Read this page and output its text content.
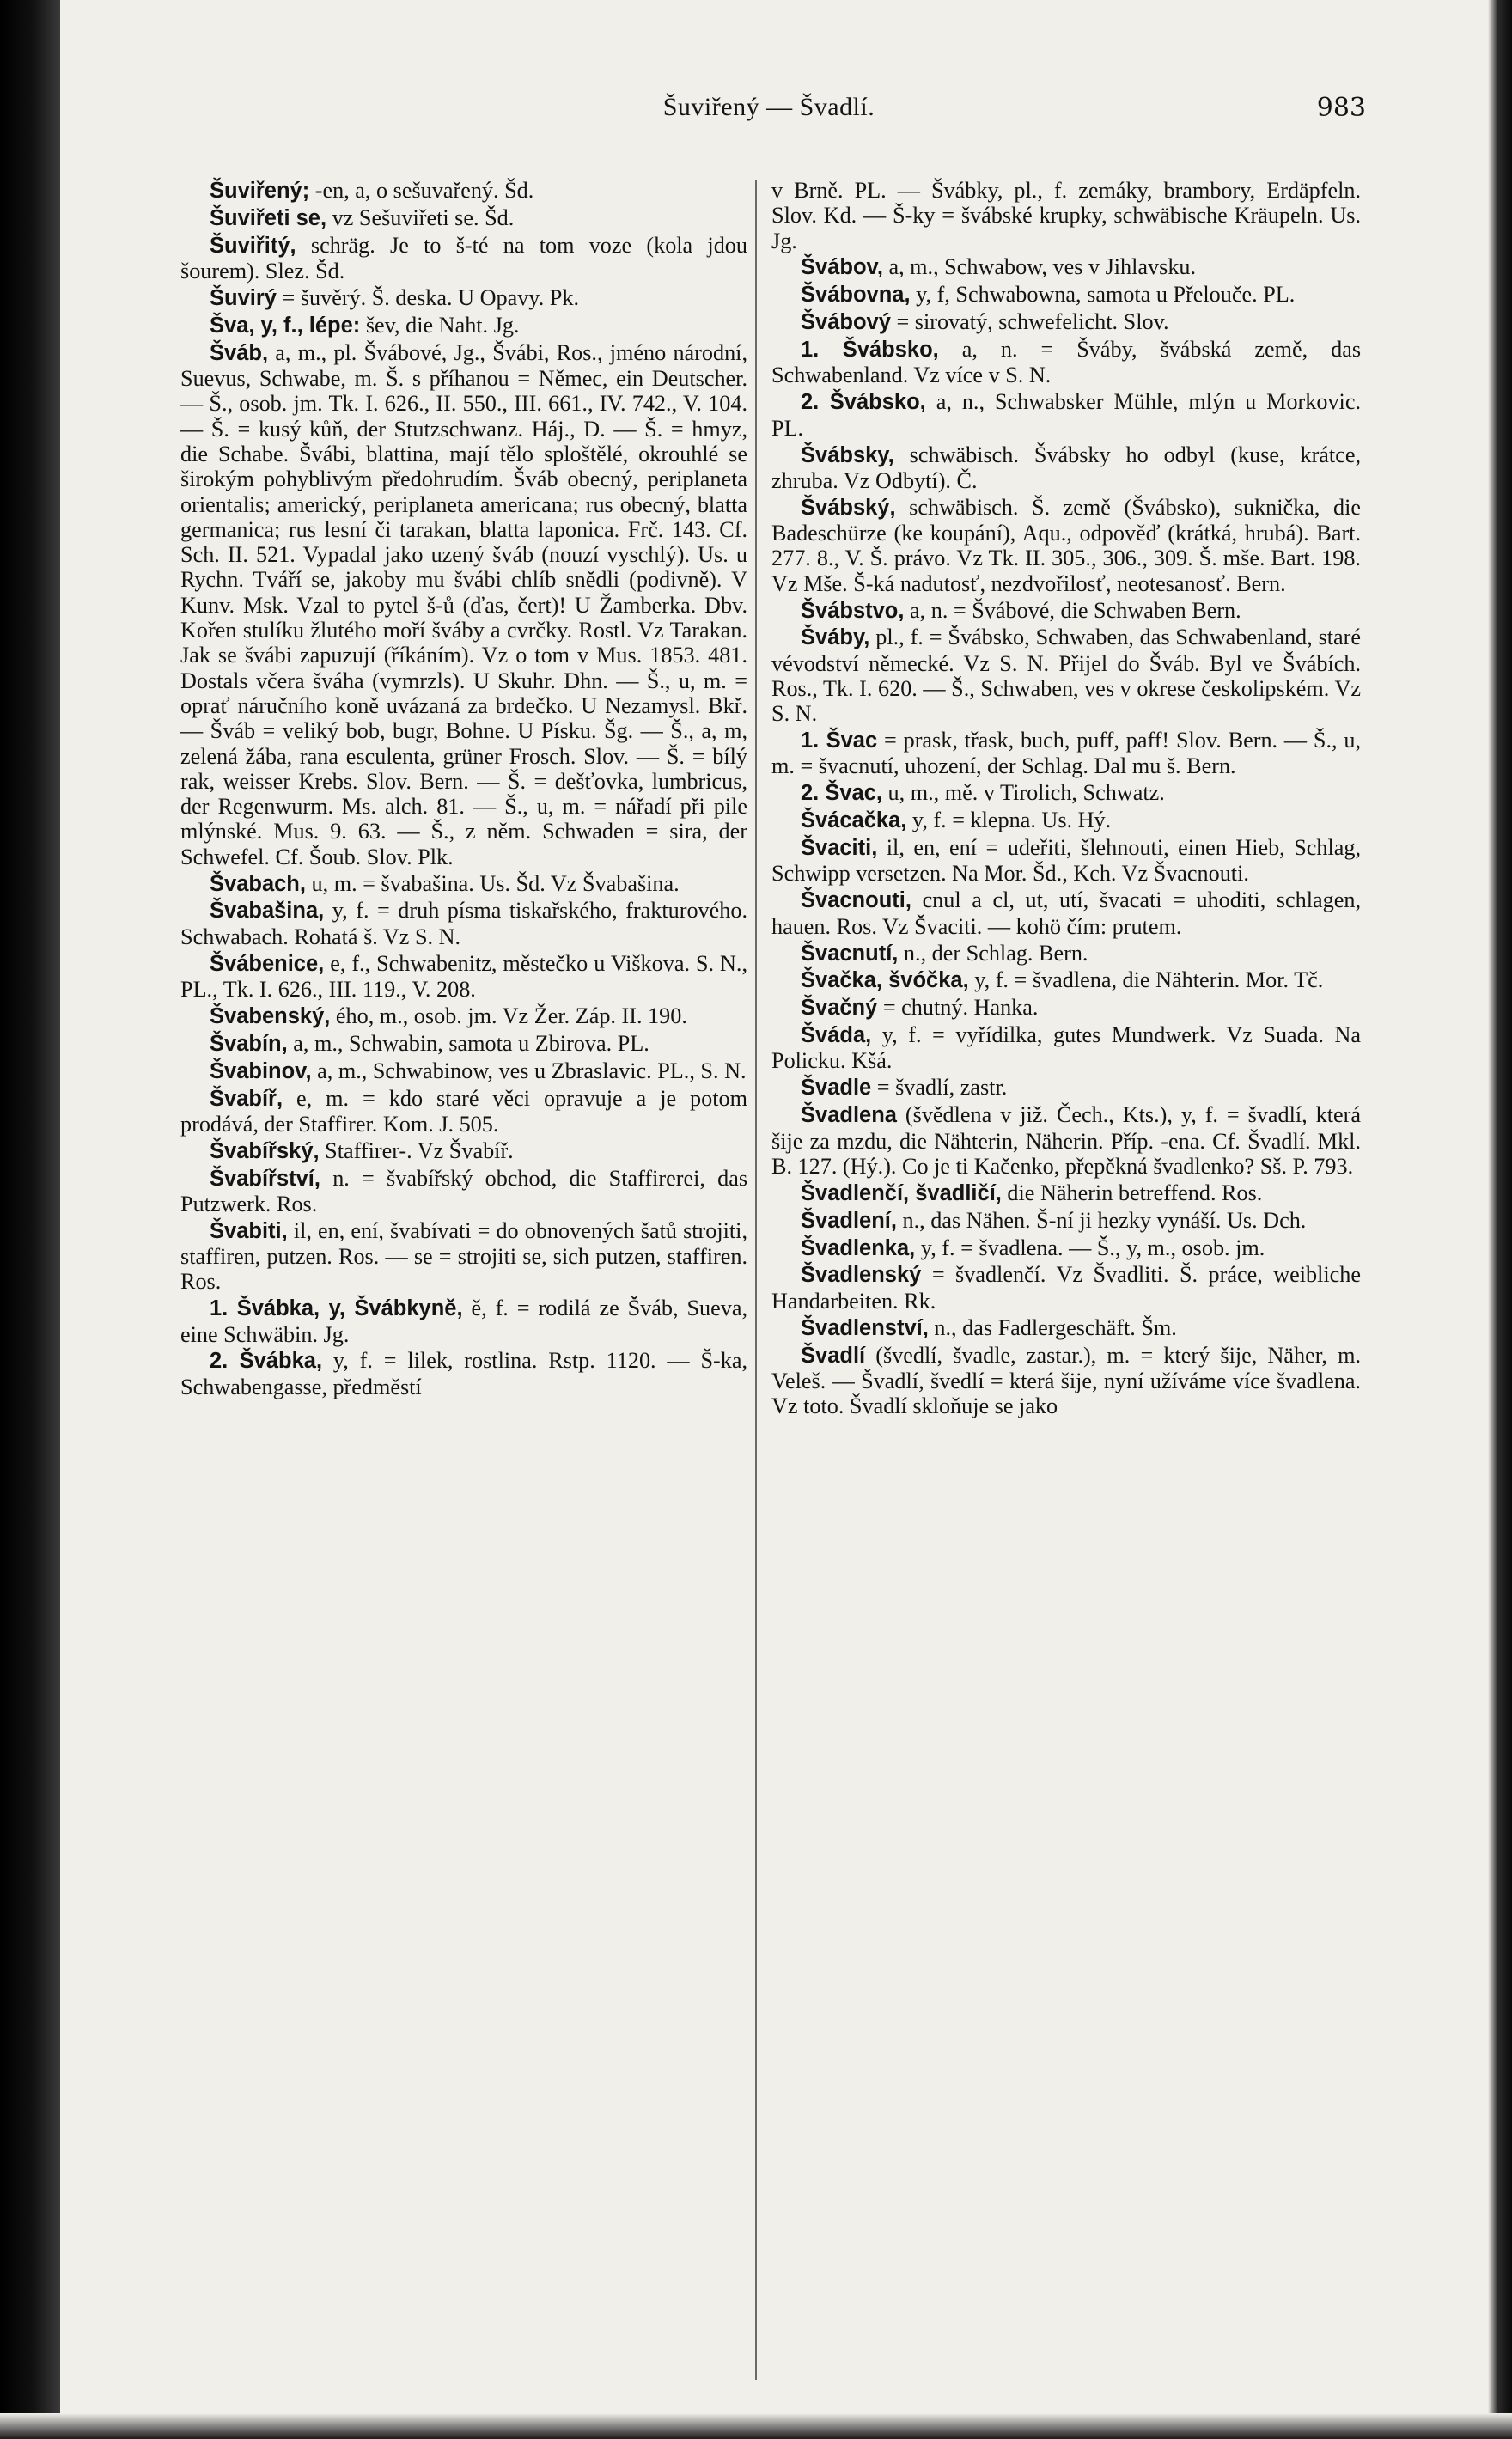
Šuviřený — Švadlí.	983

Šuviřený; -en, a, o sešuvařený. Šd.

Šuviřeti se, vz Sešuviřeti se. Šd.

Šuviřitý, schräg. Je to š-té na tom voze (kola jdou šourem). Slez. Šd.

Šuvirý = šuvěrý. Š. deska. U Opavy. Pk.

Šva, y, f., lépe: šev, die Naht. Jg.

Šváb, a, m., pl. Švábové, Jg., Švábi, Ros., jméno národní, Suevus, Schwabe, m. Š. s příhanou = Němec, ein Deutscher. — Š., osob. jm. Tk. I. 626., II. 550., III. 661., IV. 742., V. 104. — Š. = kusý kůň, der Stutzschwanz. Háj., D. — Š. = hmyz, die Schabe. Švábi, blattina, mají tělo sploštělé, okrouhlé se širokým pohyblivým předohrudím. Šváb obecný, periplaneta orientalis; americký, periplaneta americana; rus obecný, blatta germanica; rus lesní či tarakan, blatta laponica. Frč. 143. Cf. Sch. II. 521. Vypadal jako uzený šváb (nouzí vyschlý). Us. u Rychn. Tváří se, jakoby mu švábi chlíb snědli (podivně). V Kunv. Msk. Vzal to pytel š-ů (ďas, čert)! U Žamberka. Dbv. Kořen stulíku žlutého moří šváby a cvrčky. Rostl. Vz Tarakan. Jak se švábi zapuzují (říkáním). Vz o tom v Mus. 1853. 481. Dostals včera šváha (vymrzls). U Skuhr. Dhn. — Š., u, m. = oprať náručního koně uvázaná za brdečko. U Nezamysl. Bkř. — Šváb = veliký bob, bugr, Bohne. U Písku. Šg. — Š., a, m, zelená žába, rana esculenta, grüner Frosch. Slov. — Š. = bílý rak, weisser Krebs. Slov. Bern. — Š. = dešťovka, lumbricus, der Regenwurm. Ms. alch. 81. — Š., u, m. = nářadí při pile mlýnské. Mus. 9. 63. — Š., z něm. Schwaden = sira, der Schwefel. Cf. Šoub. Slov. Plk.

Švabach, u, m. = švabašina. Us. Šd. Vz Švabašina.

Švabašina, y, f. = druh písma tiskařského, frakturového. Schwabach. Rohatá š. Vz S. N.

Švábenice, e, f., Schwabenitz, městečko u Viškova. S. N., PL., Tk. I. 626., III. 119., V. 208.

Švabenský, ého, m., osob. jm. Vz Žer. Záp. II. 190.

Švabín, a, m., Schwabin, samota u Zbirova. PL.

Švabinov, a, m., Schwabinow, ves u Zbraslavic. PL., S. N.

Švabíř, e, m. = kdo staré věci opravuje a je potom prodává, der Staffirer. Kom. J. 505.

Švabířský, Staffirer-. Vz Švabíř.

Švabířství, n. = švabířský obchod, die Staffirerei, das Putzwerk. Ros.

Švabiti, il, en, ení, švabívati = do obnovených šatů strojiti, staffiren, putzen. Ros. — se = strojiti se, sich putzen, staffiren. Ros.

1. Švábka, y, Švábkyně, ě, f. = rodilá ze Šváb, Sueva, eine Schwäbin. Jg.

2. Švábka, y, f. = lilek, rostlina. Rstp. 1120. — Š-ka, Schwabengasse, předměstí

v Brně. PL. — Švábky, pl., f. zemáky, brambory, Erdäpfeln. Slov. Kd. — Š-ky = švábské krupky, schwäbische Kräupeln. Us. Jg.

Švábov, a, m., Schwabow, ves v Jihlavsku.

Švábovna, y, f, Schwabowna, samota u Přelouče. PL.

Švábový = sirovatý, schwefelicht. Slov.

1. Švábsko, a, n. = Šváby, švábská země, das Schwabenland. Vz více v S. N.

2. Švábsko, a, n., Schwabsker Mühle, mlýn u Morkovic. PL.

Švábsky, schwäbisch. Švábsky ho odbyl (kuse, krátce, zhruba. Vz Odbytí). Č.

Švábský, schwäbisch. Š. země (Švábsko), suknička, die Badeschürze (ke koupání), Aqu., odpověď (krátká, hrubá). Bart. 277. 8., V. Š. právo. Vz Tk. II. 305., 306., 309. Š. mše. Bart. 198. Vz Mše. Š-ká nadutosť, nezdvořilosť, neotesanosť. Bern.

Švábstvo, a, n. = Švábové, die Schwaben Bern.

Šváby, pl., f. = Švábsko, Schwaben, das Schwabenland, staré vévodství německé. Vz S. N. Přijel do Šváb. Byl ve Švábích. Ros., Tk. I. 620. — Š., Schwaben, ves v okrese českolipském. Vz S. N.

1. Švac = prask, třask, buch, puff, paff! Slov. Bern. — Š., u, m. = švacnutí, uhození, der Schlag. Dal mu š. Bern.

2. Švac, u, m., mě. v Tirolich, Schwatz.

Švácačka, y, f. = klepna. Us. Hý.

Švaciti, il, en, ení = udeřiti, šlehnouti, einen Hieb, Schlag, Schwipp versetzen. Na Mor. Šd., Kch. Vz Švacnouti.

Švacnouti, cnul a cl, ut, utí, švacati = uhoditi, schlagen, hauen. Ros. Vz Švaciti. — kohö čím: prutem.

Švacnutí, n., der Schlag. Bern.

Švačka, švóčka, y, f. = švadlena, die Nähterin. Mor. Tč.

Švačný = chutný. Hanka.

Šváda, y, f. = vyřídilka, gutes Mundwerk. Vz Suada. Na Policku. Kšá.

Švadle = švadlí, zastr.

Švadlena (švědlena v již. Čech., Kts.), y, f. = švadlí, která šije za mzdu, die Nähterin, Näherin. Příp. -ena. Cf. Švadlí. Mkl. B. 127. (Hý.). Co je ti Kačenko, přepěkná švadlenko? Sš. P. 793.

Švadlenčí, švadličí, die Näherin betreffend. Ros.

Švadlení, n., das Nähen. Š-ní ji hezky vynáší. Us. Dch.

Švadlenka, y, f. = švadlena. — Š., y, m., osob. jm.

Švadlenský = švadlenčí. Vz Švadliti. Š. práce, weibliche Handarbeiten. Rk.

Švadlenství, n., das Fadlergeschäft. Šm.

Švadlí (švedlí, švadle, zastar.), m. = který šije, Näher, m. Veleš. — Švadlí, švedlí = která šije, nyní užíváme více švadlena. Vz toto. Švadlí skloňuje se jako
